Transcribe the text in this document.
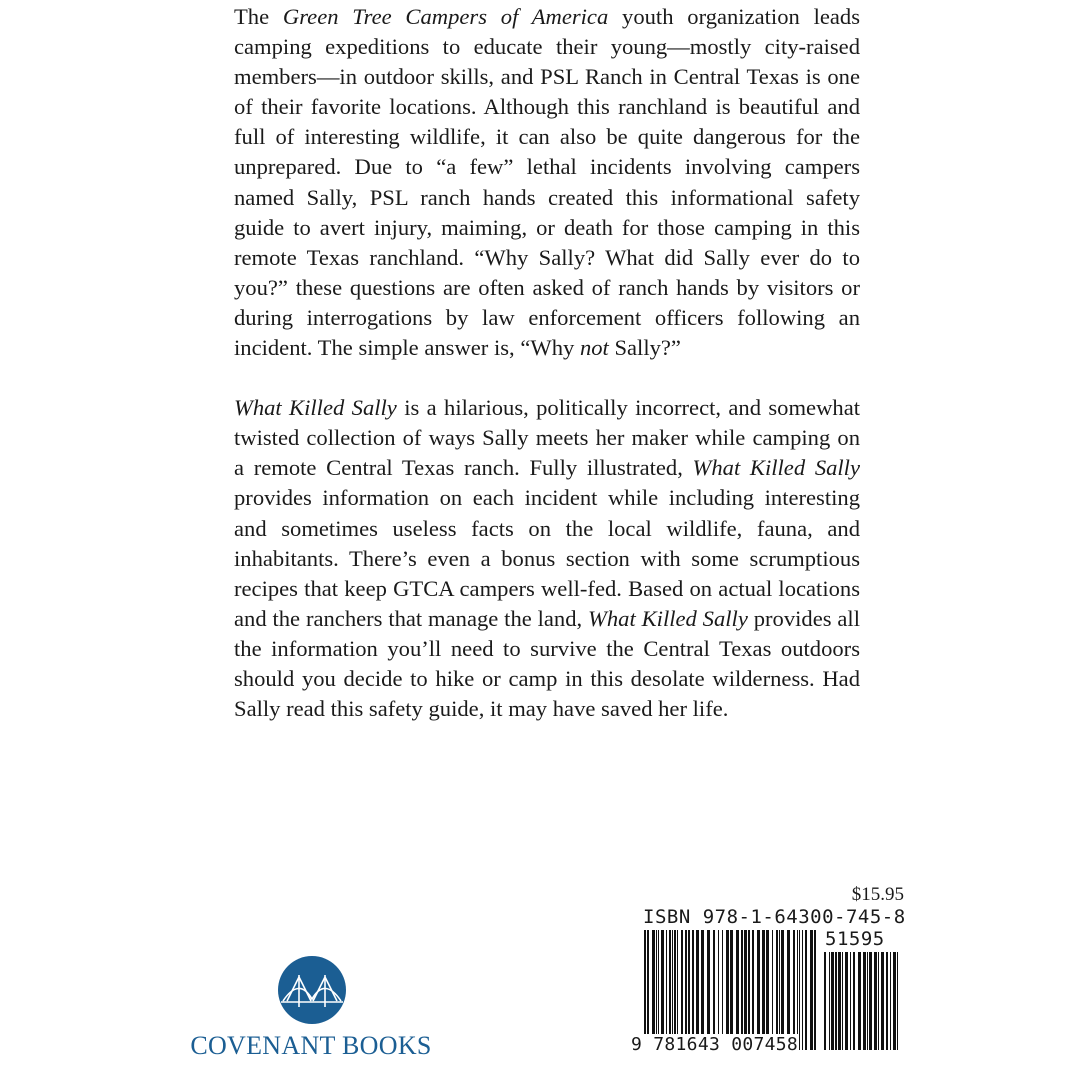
The Green Tree Campers of America youth organization leads camping expeditions to educate their young—mostly city-raised members—in outdoor skills, and PSL Ranch in Central Texas is one of their favorite locations. Although this ranchland is beautiful and full of interesting wildlife, it can also be quite dangerous for the unprepared. Due to “a few” lethal incidents involving campers named Sally, PSL ranch hands created this informational safety guide to avert injury, maiming, or death for those camping in this remote Texas ranchland. “Why Sally? What did Sally ever do to you?” these questions are often asked of ranch hands by visitors or during interrogations by law enforcement officers following an incident. The simple answer is, “Why not Sally?”

What Killed Sally is a hilarious, politically incorrect, and somewhat twisted collection of ways Sally meets her maker while camping on a remote Central Texas ranch. Fully illustrated, What Killed Sally provides information on each incident while including interesting and sometimes useless facts on the local wildlife, fauna, and inhabitants. There’s even a bonus section with some scrumptious recipes that keep GTCA campers well-fed. Based on actual locations and the ranchers that manage the land, What Killed Sally provides all the information you’ll need to survive the Central Texas outdoors should you decide to hike or camp in this desolate wilderness. Had Sally read this safety guide, it may have saved her life.

COVENANT BOOKS
$15.95
ISBN 978-1-64300-745-8
51595
9 781643 007458
